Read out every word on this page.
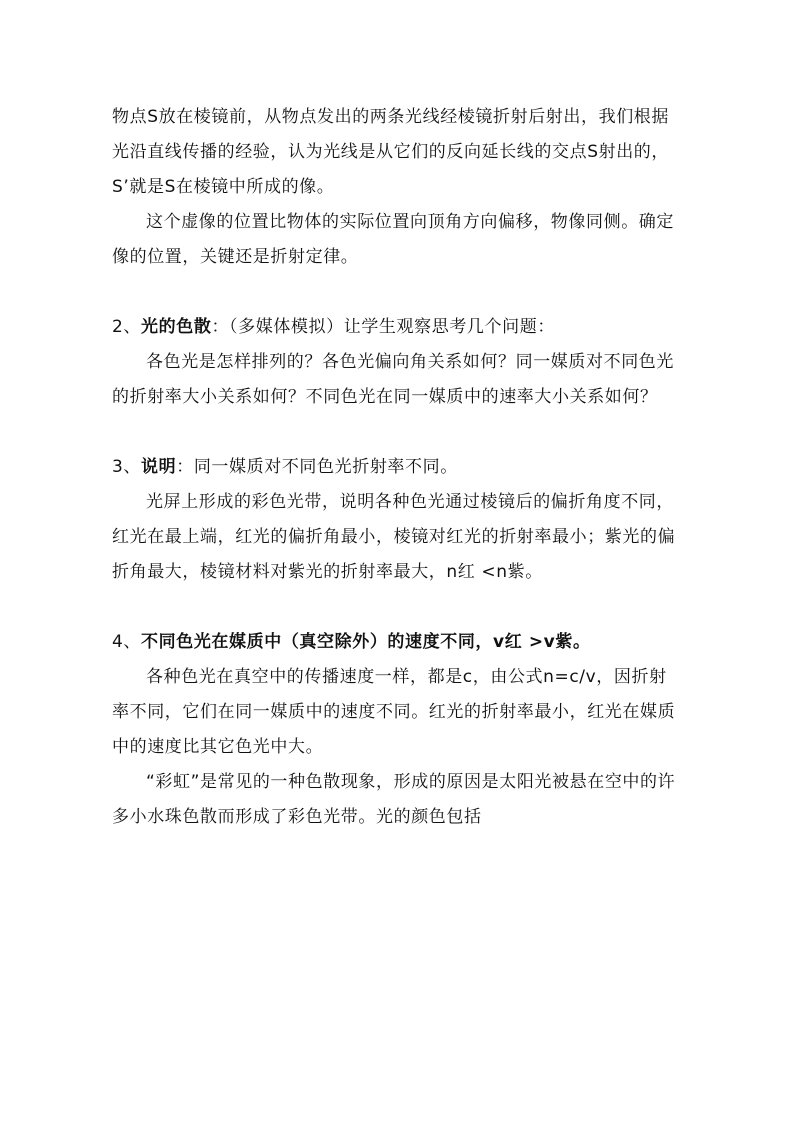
物点S放在棱镜前，从物点发出的两条光线经棱镜折射后射出，我们根据光沿直线传播的经验，认为光线是从它们的反向延长线的交点S射出的， S’就是S在棱镜中所成的像。

这个虚像的位置比物体的实际位置向顶角方向偏移，物像同侧。确定像的位置，关键还是折射定律。

2、光的色散：（多媒体模拟）让学生观察思考几个问题：

各色光是怎样排列的？各色光偏向角关系如何？同一媒质对不同色光的折射率大小关系如何？不同色光在同一媒质中的速率大小关系如何？

3、说明：同一媒质对不同色光折射率不同。

光屏上形成的彩色光带，说明各种色光通过棱镜后的偏折角度不同，红光在最上端，红光的偏折角最小，棱镜对红光的折射率最小；紫光的偏折角最大，棱镜材料对紫光的折射率最大，n红 <n紫。

4、不同色光在媒质中（真空除外）的速度不同，v红 >v紫。

各种色光在真空中的传播速度一样，都是c，由公式n=c/v，因折射率不同，它们在同一媒质中的速度不同。红光的折射率最小，红光在媒质中的速度比其它色光中大。

“彩虹”是常见的一种色散现象，形成的原因是太阳光被悬在空中的许多小水珠色散而形成了彩色光带。光的颜色包括
